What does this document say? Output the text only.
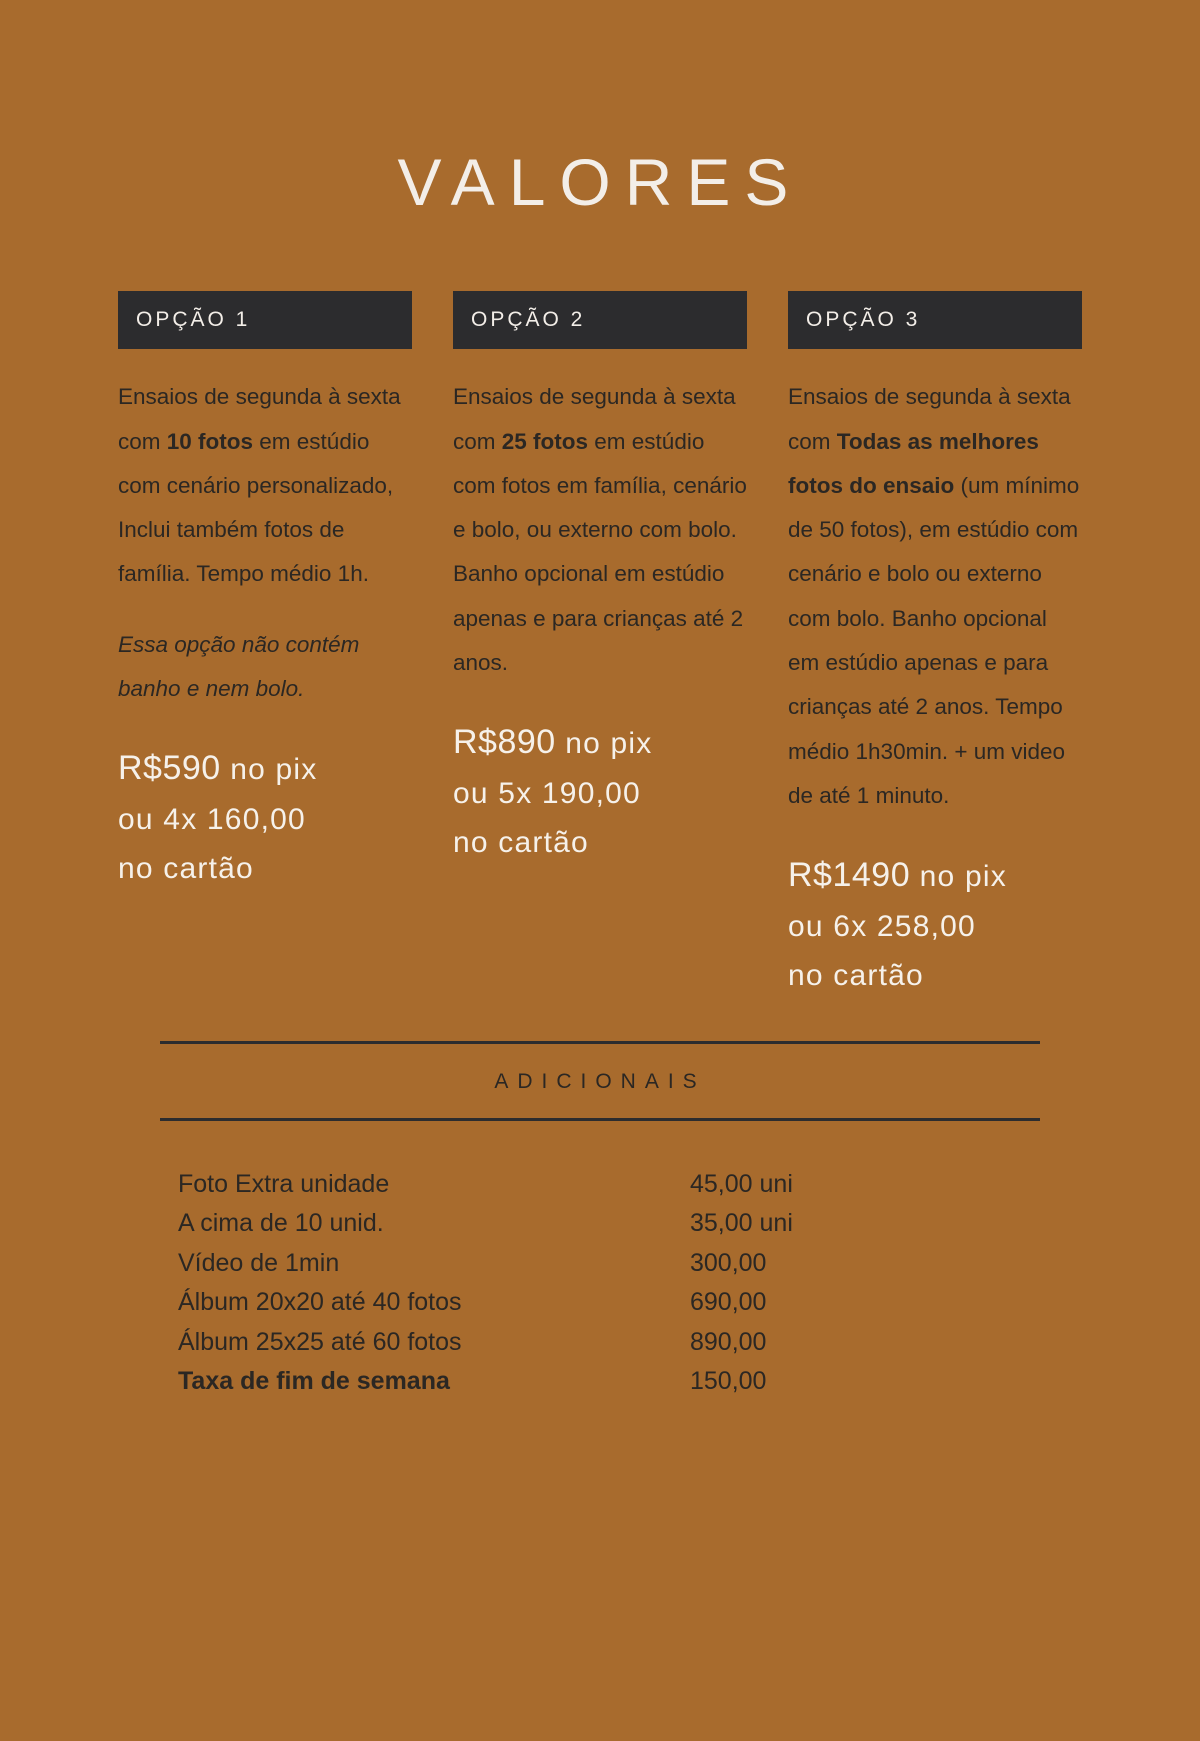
VALORES
OPÇÃO 1
Ensaios de segunda à sexta com 10 fotos em estúdio com cenário personalizado, Inclui também fotos de família. Tempo médio 1h.
Essa opção não contém banho e nem bolo.
R$590 no pix
ou 4x 160,00
no cartão
OPÇÃO 2
Ensaios de segunda à sexta com 25 fotos em estúdio com fotos em família, cenário e bolo, ou externo com bolo. Banho opcional em estúdio apenas e para crianças até 2 anos.
R$890 no pix
ou 5x 190,00
no cartão
OPÇÃO 3
Ensaios de segunda à sexta com Todas as melhores fotos do ensaio (um mínimo de 50 fotos), em estúdio com cenário e bolo ou externo com bolo. Banho opcional em estúdio apenas e para crianças até 2 anos. Tempo médio 1h30min. + um video de até 1 minuto.
R$1490 no pix
ou 6x 258,00
no cartão
ADICIONAIS
Foto Extra unidade	45,00 uni
A cima de 10 unid.	35,00 uni
Vídeo de 1min	300,00
Álbum 20x20 até 40 fotos	690,00
Álbum 25x25 até 60 fotos	890,00
Taxa de fim de semana	150,00
